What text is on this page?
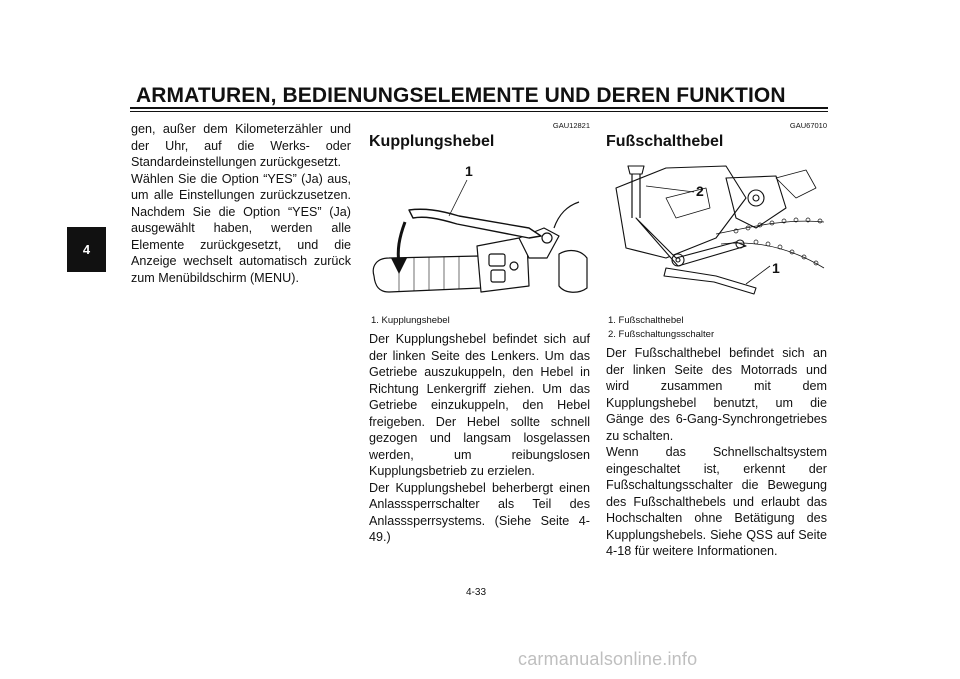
ARMATUREN, BEDIENUNGSELEMENTE UND DEREN FUNKTION
4

gen, außer dem Kilometerzähler und der Uhr, auf die Werks- oder Standardeinstellungen zurückgesetzt.

Wählen Sie die Option “YES” (Ja) aus, um alle Einstellungen zurückzusetzen. Nachdem Sie die Option “YES” (Ja) ausgewählt haben, werden alle Elemente zurückgesetzt, und die Anzeige wechselt automatisch zurück zum Menübildschirm (MENU).

GAU12821
Kupplungshebel
1
1. Kupplungshebel

Der Kupplungshebel befindet sich auf der linken Seite des Lenkers. Um das Getriebe auszukuppeln, den Hebel in Richtung Lenkergriff ziehen. Um das Getriebe einzukuppeln, den Hebel freigeben. Der Hebel sollte schnell gezogen und langsam losgelassen werden, um reibungslosen Kupplungsbetrieb zu erzielen.

Der Kupplungshebel beherbergt einen Anlasssperrschalter als Teil des Anlasssperrsystems. (Siehe Seite 4-49.)

GAU67010
Fußschalthebel
2
1
1. Fußschalthebel
2. Fußschaltungsschalter

Der Fußschalthebel befindet sich an der linken Seite des Motorrads und wird zusammen mit dem Kupplungshebel benutzt, um die Gänge des 6-Gang-Synchrongetriebes zu schalten.

Wenn das Schnellschaltsystem eingeschaltet ist, erkennt der Fußschaltungsschalter die Bewegung des Fußschalthebels und erlaubt das Hochschalten ohne Betätigung des Kupplungshebels. Siehe QSS auf Seite 4-18 für weitere Informationen.

4-33
carmanualsonline.info
